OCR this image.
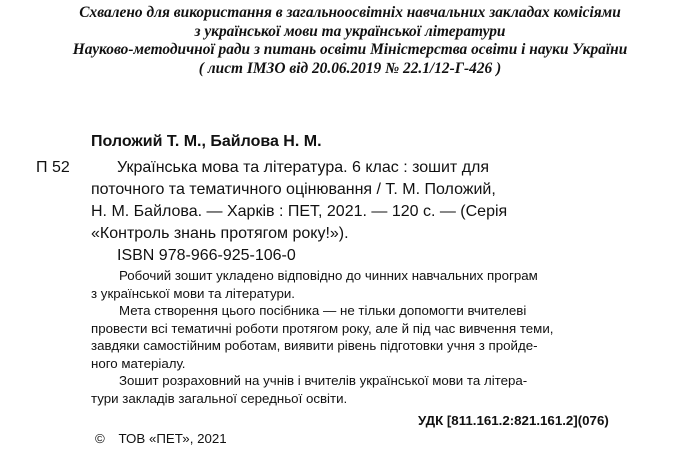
Схвалено для використання в загальноосвітніх навчальних закладах комісіями
з української мови та української літератури
Науково-методичної ради з питань освіти Міністерства освіти і науки України
( лист ІМЗО від 20.06.2019 № 22.1/12-Г-426 )
Положий Т. М., Байлова Н. М.
П 52	Українська мова та література. 6 клас : зошит для
поточного та тематичного оцінювання / Т. М. Положий,
Н. М. Байлова. — Харків : ПЕТ, 2021. — 120 с. — (Серія
«Контроль знань протягом року!»).
ISBN 978-966-925-106-0
Робочий зошит укладено відповідно до чинних навчальних програм
з української мови та літератури.
Мета створення цього посібника — не тільки допомогти вчителеві
провести всі тематичні роботи протягом року, але й під час вивчення теми,
завдяки самостійним роботам, виявити рівень підготовки учня з пройде-
ного матеріалу.
Зошит розраховний на учнів і вчителів української мови та літера-
тури закладів загальної середньої освіти.
УДК [811.161.2:821.161.2](076)
© ТОВ «ПЕТ», 2021
